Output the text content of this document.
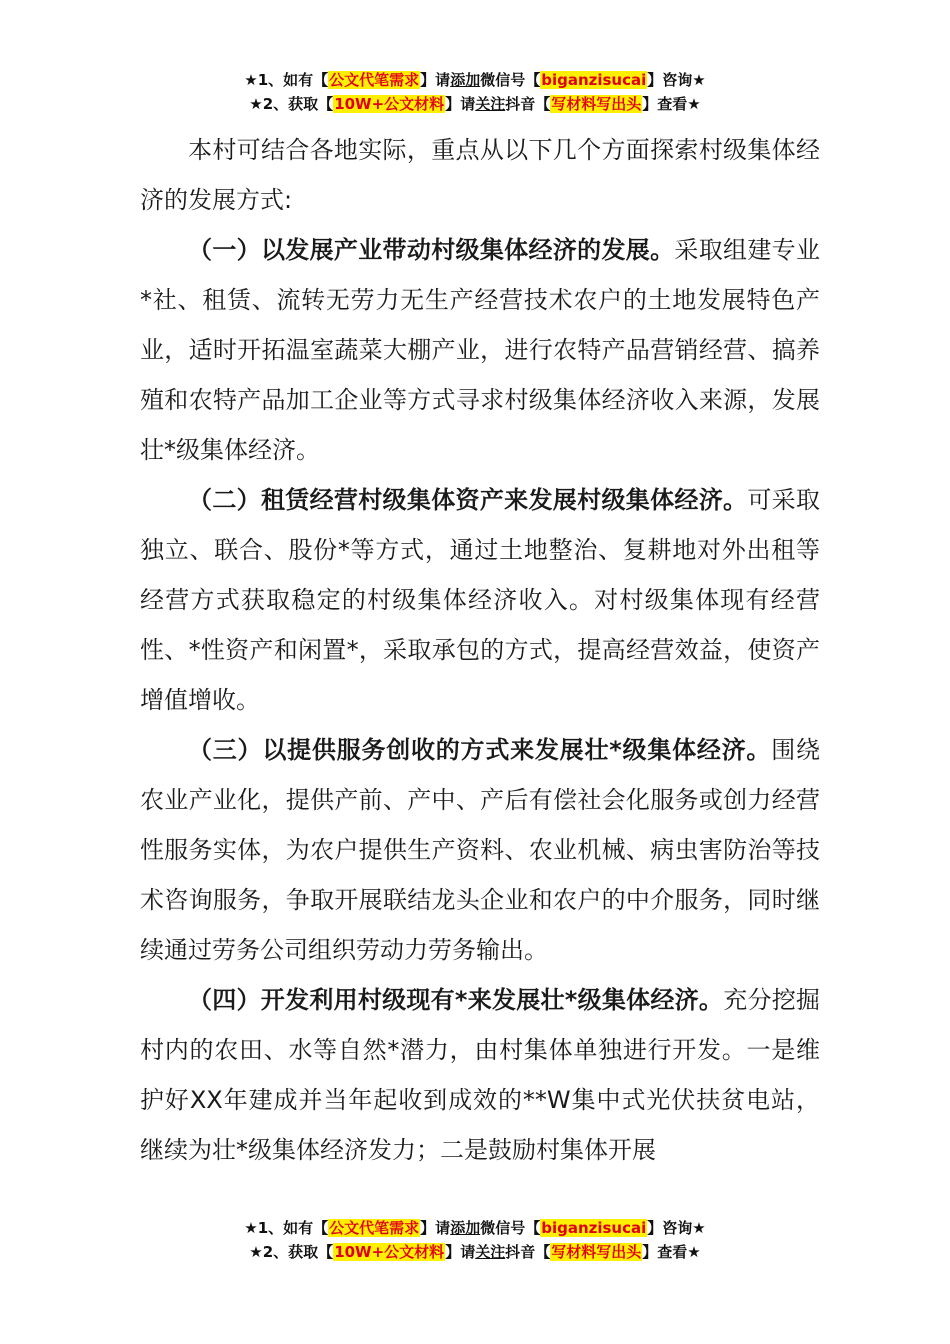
★1、如有【公文代笔需求】请添加微信号【biganzisucai】咨询★
★2、获取【10W+公文材料】请关注抖音【写材料写出头】查看★

本村可结合各地实际，重点从以下几个方面探索村级集体经济的发展方式:

（一）以发展产业带动村级集体经济的发展。采取组建专业*社、租赁、流转无劳力无生产经营技术农户的土地发展特色产业，适时开拓温室蔬菜大棚产业，进行农特产品营销经营、搞养殖和农特产品加工企业等方式寻求村级集体经济收入来源，发展壮*级集体经济。

（二）租赁经营村级集体资产来发展村级集体经济。可采取独立、联合、股份*等方式，通过土地整治、复耕地对外出租等经营方式获取稳定的村级集体经济收入。对村级集体现有经营性、*性资产和闲置*，采取承包的方式，提高经营效益，使资产增值增收。

（三）以提供服务创收的方式来发展壮*级集体经济。围绕农业产业化，提供产前、产中、产后有偿社会化服务或创力经营性服务实体，为农户提供生产资料、农业机械、病虫害防治等技术咨询服务，争取开展联结龙头企业和农户的中介服务，同时继续通过劳务公司组织劳动力劳务输出。

（四）开发利用村级现有*来发展壮*级集体经济。充分挖掘村内的农田、水等自然*潜力，由村集体单独进行开发。一是维护好XX年建成并当年起收到成效的**W集中式光伏扶贫电站，继续为壮*级集体经济发力；二是鼓励村集体开展

★1、如有【公文代笔需求】请添加微信号【biganzisucai】咨询★
★2、获取【10W+公文材料】请关注抖音【写材料写出头】查看★
